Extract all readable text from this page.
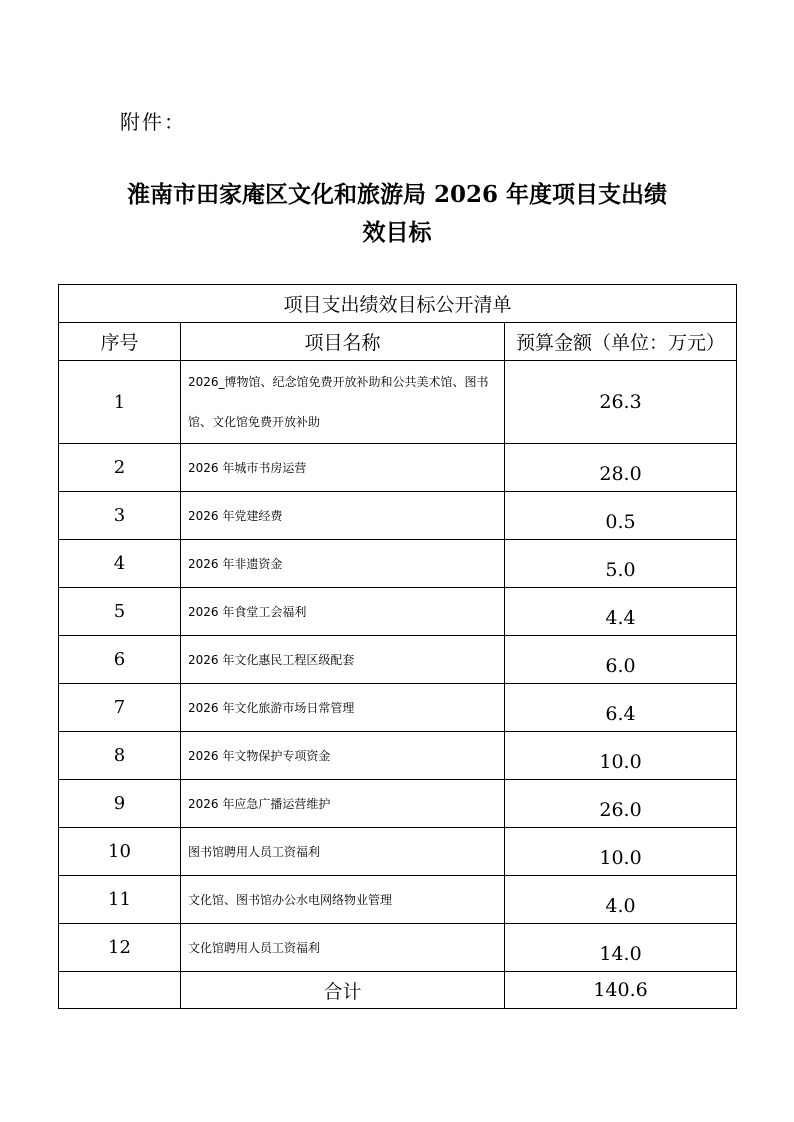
附件：
淮南市田家庵区文化和旅游局 2026 年度项目支出绩
效目标
项目支出绩效目标公开清单		
序号	项目名称	预算金额（单位：万元）
1	2026_博物馆、纪念馆免费开放补助和公共美术馆、图书馆、文化馆免费开放补助	26.3
2	2026 年城市书房运营	28.0
3	2026 年党建经费	0.5
4	2026 年非遗资金	5.0
5	2026 年食堂工会福利	4.4
6	2026 年文化惠民工程区级配套	6.0
7	2026 年文化旅游市场日常管理	6.4
8	2026 年文物保护专项资金	10.0
9	2026 年应急广播运营维护	26.0
10	图书馆聘用人员工资福利	10.0
11	文化馆、图书馆办公水电网络物业管理	4.0
12	文化馆聘用人员工资福利	14.0
	合计	140.6
